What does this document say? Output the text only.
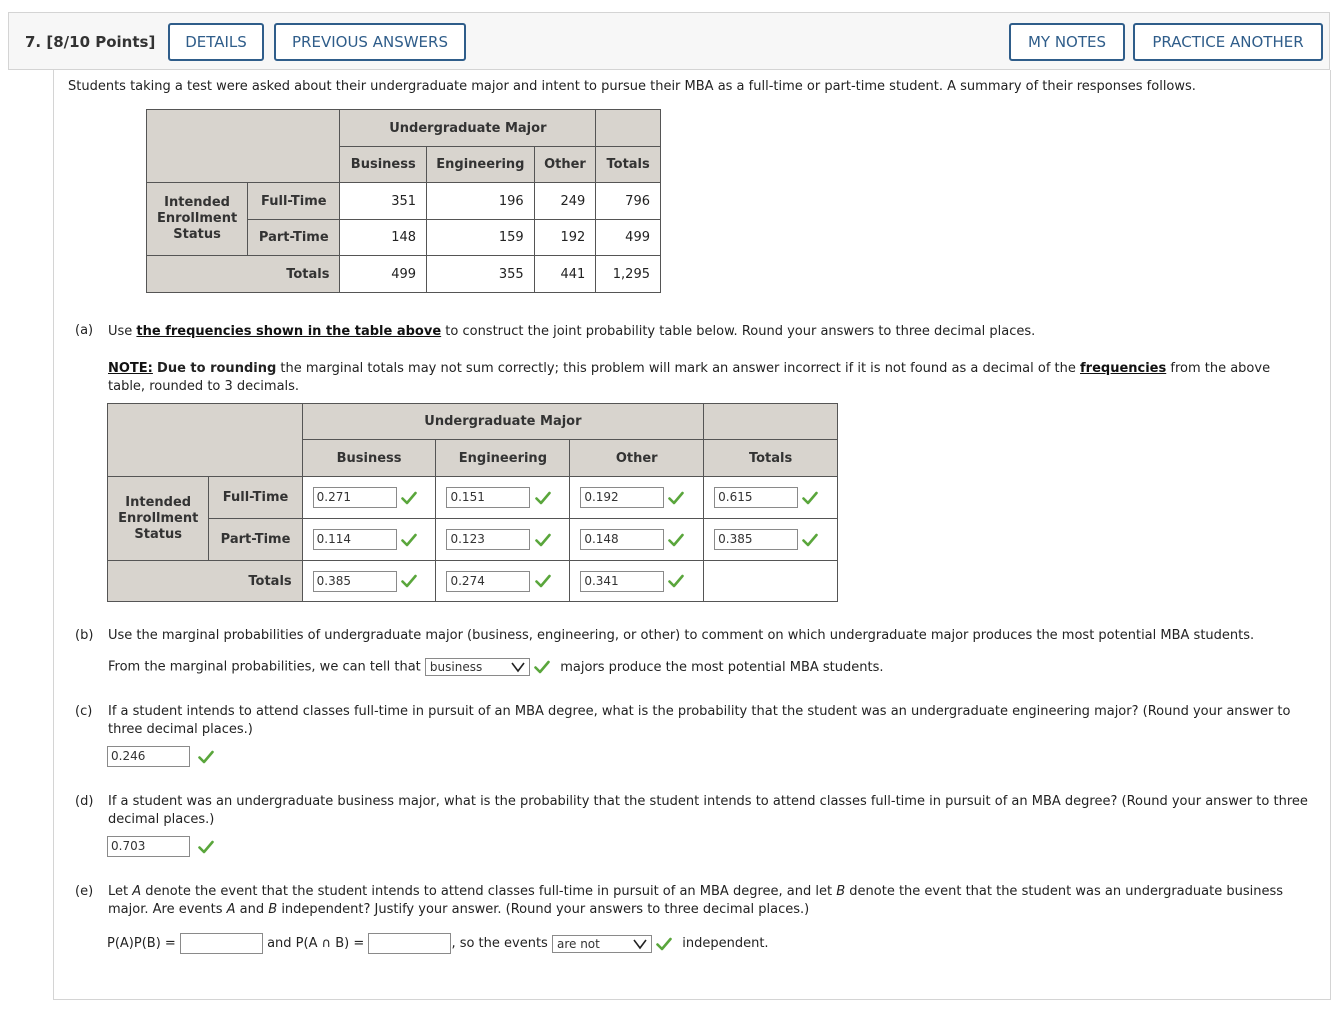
7. [8/10 Points]	DETAILS	PREVIOUS ANSWERS	MY NOTES	PRACTICE ANOTHER
Students taking a test were asked about their undergraduate major and intent to pursue their MBA as a full-time or part-time student. A summary of their responses follows.
		Undergraduate Major			
		Business	Engineering	Other	Totals
Intended Enrollment Status	Full-Time	351	196	249	796
	Part-Time	148	159	192	499
Totals		499	355	441	1,295
(a) Use the frequencies shown in the table above to construct the joint probability table below. Round your answers to three decimal places.
NOTE: Due to rounding the marginal totals may not sum correctly; this problem will mark an answer incorrect if it is not found as a decimal of the frequencies from the above table, rounded to 3 decimals.
		Undergraduate Major			
		Business	Engineering	Other	Totals
Intended Enrollment Status	Full-Time	0.271	0.151	0.192	0.615
	Part-Time	0.114	0.123	0.148	0.385
Totals		0.385	0.274	0.341	
(b) Use the marginal probabilities of undergraduate major (business, engineering, or other) to comment on which undergraduate major produces the most potential MBA students.
From the marginal probabilities, we can tell that business	majors produce the most potential MBA students.
(c) If a student intends to attend classes full-time in pursuit of an MBA degree, what is the probability that the student was an undergraduate engineering major? (Round your answer to three decimal places.)
0.246
(d) If a student was an undergraduate business major, what is the probability that the student intends to attend classes full-time in pursuit of an MBA degree? (Round your answer to three decimal places.)
0.703
(e) Let A denote the event that the student intends to attend classes full-time in pursuit of an MBA degree, and let B denote the event that the student was an undergraduate business major. Are events A and B independent? Justify your answer. (Round your answers to three decimal places.)
P(A)P(B) =	and P(A ∩ B) =	, so the events are not	independent.
